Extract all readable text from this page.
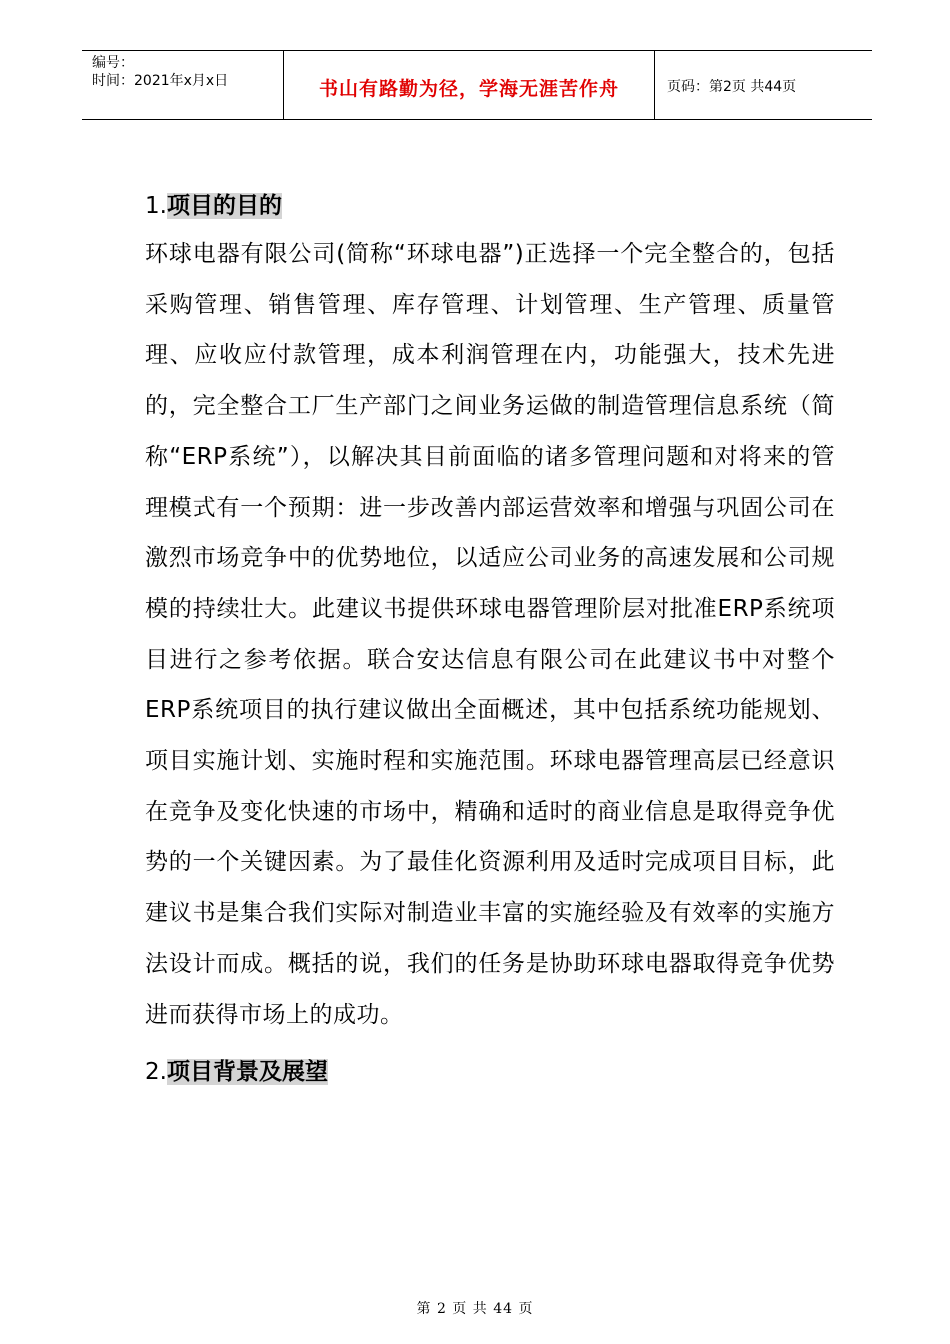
编号：
时间：2021年x月x日	书山有路勤为径，学海无涯苦作舟	页码：第2页 共44页
1.项目的目的
环球电器有限公司(简称“环球电器”)正选择一个完全整合的，包括采购管理、销售管理、库存管理、计划管理、生产管理、质量管理、应收应付款管理，成本利润管理在内，功能强大，技术先进的，完全整合工厂生产部门之间业务运做的制造管理信息系统（简称“ERP系统”），以解决其目前面临的诸多管理问题和对将来的管理模式有一个预期：进一步改善内部运营效率和增强与巩固公司在激烈市场竞争中的优势地位，以适应公司业务的高速发展和公司规模的持续壮大。此建议书提供环球电器管理阶层对批准ERP系统项目进行之参考依据。联合安达信息有限公司在此建议书中对整个ERP系统项目的执行建议做出全面概述，其中包括系统功能规划、项目实施计划、实施时程和实施范围。环球电器管理高层已经意识在竞争及变化快速的市场中，精确和适时的商业信息是取得竞争优势的一个关键因素。为了最佳化资源利用及适时完成项目目标，此建议书是集合我们实际对制造业丰富的实施经验及有效率的实施方法设计而成。概括的说，我们的任务是协助环球电器取得竞争优势进而获得市场上的成功。
2.项目背景及展望
第 2 页 共 44 页
